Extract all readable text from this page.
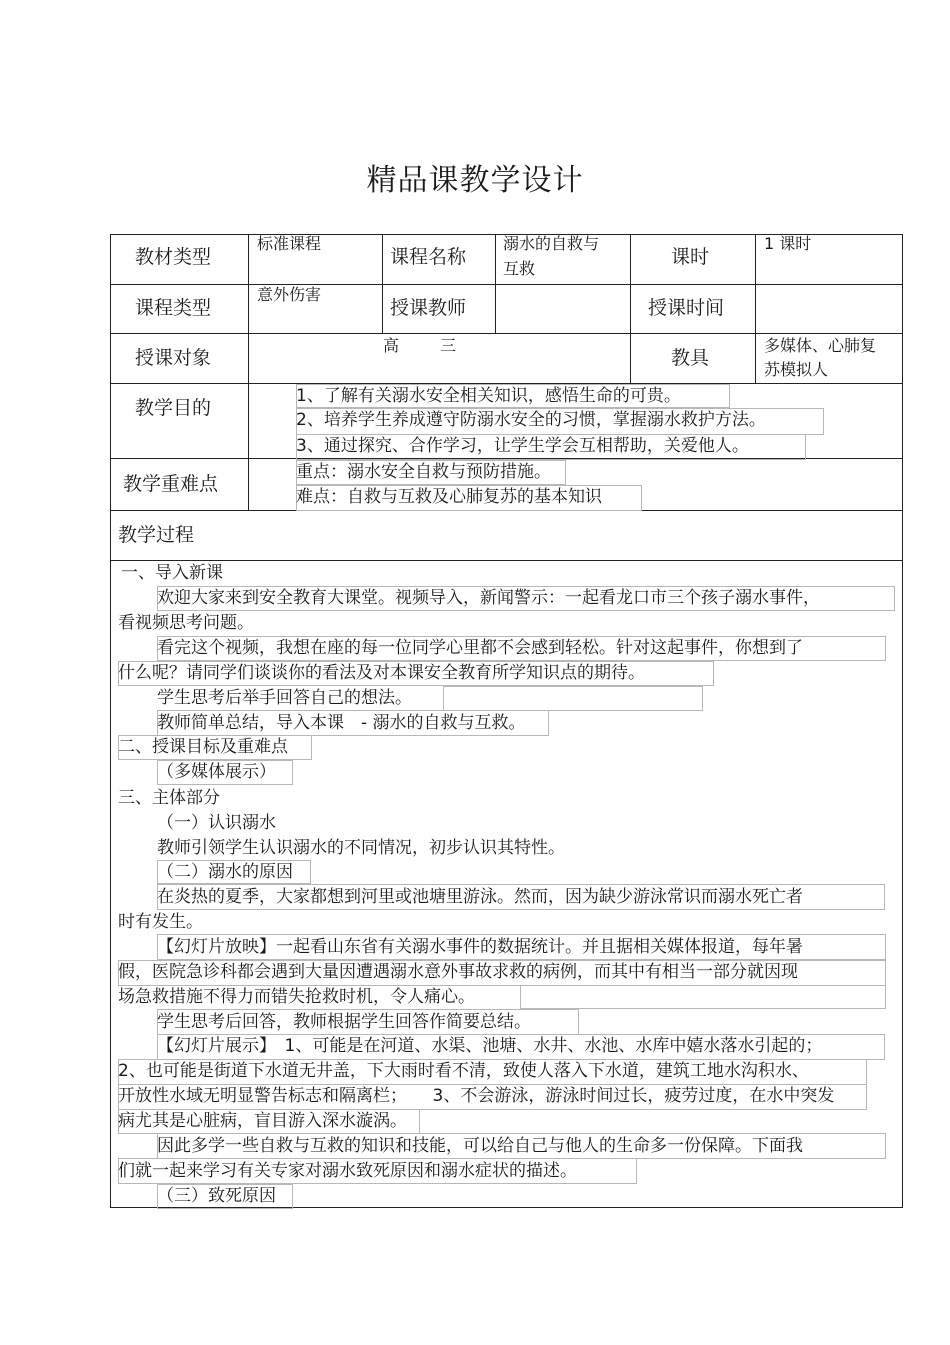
精品课教学设计
教材类型
标准课程
课程名称
溺水的自救与
互救
课时
1 课时
课程类型
意外伤害
授课教师	授课时间
授课对象
高	三
教具
多媒体、心肺复
苏模拟人
教学目的
1、了解有关溺水安全相关知识，感悟生命的可贵。
2、培养学生养成遵守防溺水安全的习惯，掌握溺水救护方法。
3、通过探究、合作学习，让学生学会互相帮助，关爱他人。
教学重难点
重点：溺水安全自救与预防措施。
难点：自救与互救及心肺复苏的基本知识
教学过程
一、导入新课
欢迎大家来到安全教育大课堂。视频导入，新闻警示：一起看龙口市三个孩子溺水事件，
看视频思考问题。
看完这个视频，我想在座的每一位同学心里都不会感到轻松。针对这起事件，你想到了
什么呢？请同学们谈谈你的看法及对本课安全教育所学知识点的期待。
学生思考后举手回答自己的想法。
教师简单总结，导入本课　- 溺水的自救与互救。
二、授课目标及重难点
（多媒体展示）
三、主体部分
（一）认识溺水
教师引领学生认识溺水的不同情况，初步认识其特性。
（二）溺水的原因
在炎热的夏季，大家都想到河里或池塘里游泳。然而，因为缺少游泳常识而溺水死亡者
时有发生。
【幻灯片放映】一起看山东省有关溺水事件的数据统计。并且据相关媒体报道，每年暑
假，医院急诊科都会遇到大量因遭遇溺水意外事故求救的病例，而其中有相当一部分就因现
场急救措施不得力而错失抢救时机，令人痛心。
学生思考后回答，教师根据学生回答作简要总结。
【幻灯片展示】　1、可能是在河道、水渠、池塘、水井、水池、水库中嬉水落水引起的；
2、也可能是街道下水道无井盖，下大雨时看不清，致使人落入下水道，建筑工地水沟积水、
开放性水域无明显警告标志和隔离栏；　　3、不会游泳，游泳时间过长，疲劳过度，在水中突发
病尤其是心脏病，盲目游入深水漩涡。
因此多学一些自救与互救的知识和技能，可以给自己与他人的生命多一份保障。下面我
们就一起来学习有关专家对溺水致死原因和溺水症状的描述。
（三）致死原因
